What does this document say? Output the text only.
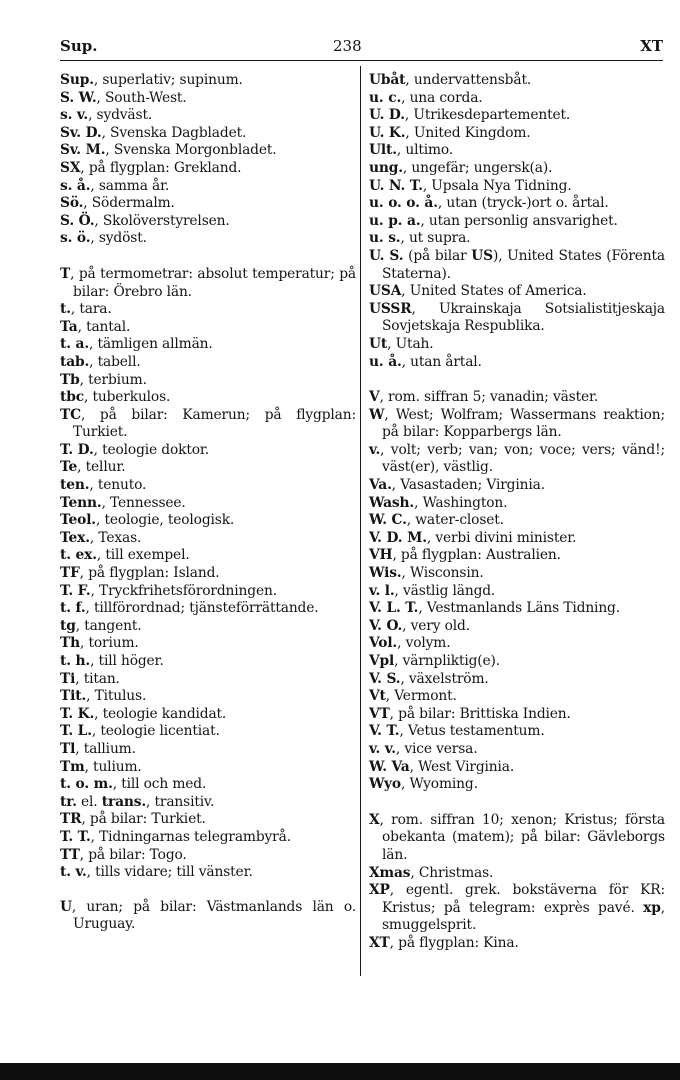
Sup.	238	XT
Sup., superlativ; supinum.
S. W., South-West.
s. v., sydväst.
Sv. D., Svenska Dagbladet.
Sv. M., Svenska Morgonbladet.
SX, på flygplan: Grekland.
s. å., samma år.
Sö., Södermalm.
S. Ö., Skolöverstyrelsen.
s. ö., sydöst.
T, på termometrar: absolut temperatur; på bilar: Örebro län.
t., tara.
Ta, tantal.
t. a., tämligen allmän.
tab., tabell.
Tb, terbium.
tbc, tuberkulos.
TC, på bilar: Kamerun; på flygplan: Turkiet.
T. D., teologie doktor.
Te, tellur.
ten., tenuto.
Tenn., Tennessee.
Teol., teologie, teologisk.
Tex., Texas.
t. ex., till exempel.
TF, på flygplan: Island.
T. F., Tryckfrihetsförordningen.
t. f., tillförordnad; tjänsteförrättande.
tg, tangent.
Th, torium.
t. h., till höger.
Ti, titan.
Tit., Titulus.
T. K., teologie kandidat.
T. L., teologie licentiat.
Tl, tallium.
Tm, tulium.
t. o. m., till och med.
tr. el. trans., transitiv.
TR, på bilar: Turkiet.
T. T., Tidningarnas telegrambyrå.
TT, på bilar: Togo.
t. v., tills vidare; till vänster.
U, uran; på bilar: Västmanlands län o. Uruguay.
Ubåt, undervattensbåt.
u. c., una corda.
U. D., Utrikesdepartementet.
U. K., United Kingdom.
Ult., ultimo.
ung., ungefär; ungersk(a).
U. N. T., Upsala Nya Tidning.
u. o. o. å., utan (tryck-)ort o. årtal.
u. p. a., utan personlig ansvarighet.
u. s., ut supra.
U. S. (på bilar US), United States (Förenta Staterna).
USA, United States of America.
USSR, Ukrainskaja Sotsialistitjeskaja Sovjetskaja Respublika.
Ut, Utah.
u. å., utan årtal.
V, rom. siffran 5; vanadin; väster.
W, West; Wolfram; Wassermans reaktion; på bilar: Kopparbergs län.
v., volt; verb; van; von; voce; vers; vänd!; väst(er), västlig.
Va., Vasastaden; Virginia.
Wash., Washington.
W. C., water-closet.
V. D. M., verbi divini minister.
VH, på flygplan: Australien.
Wis., Wisconsin.
v. l., västlig längd.
V. L. T., Vestmanlands Läns Tidning.
V. O., very old.
Vol., volym.
Vpl, värnpliktig(e).
V. S., växelström.
Vt, Vermont.
VT, på bilar: Brittiska Indien.
V. T., Vetus testamentum.
v. v., vice versa.
W. Va, West Virginia.
Wyo, Wyoming.
X, rom. siffran 10; xenon; Kristus; första obekanta (matem); på bilar: Gävleborgs län.
Xmas, Christmas.
XP, egentl. grek. bokstäverna för KR: Kristus; på telegram: exprès pavé. xp, smuggelsprit.
XT, på flygplan: Kina.
